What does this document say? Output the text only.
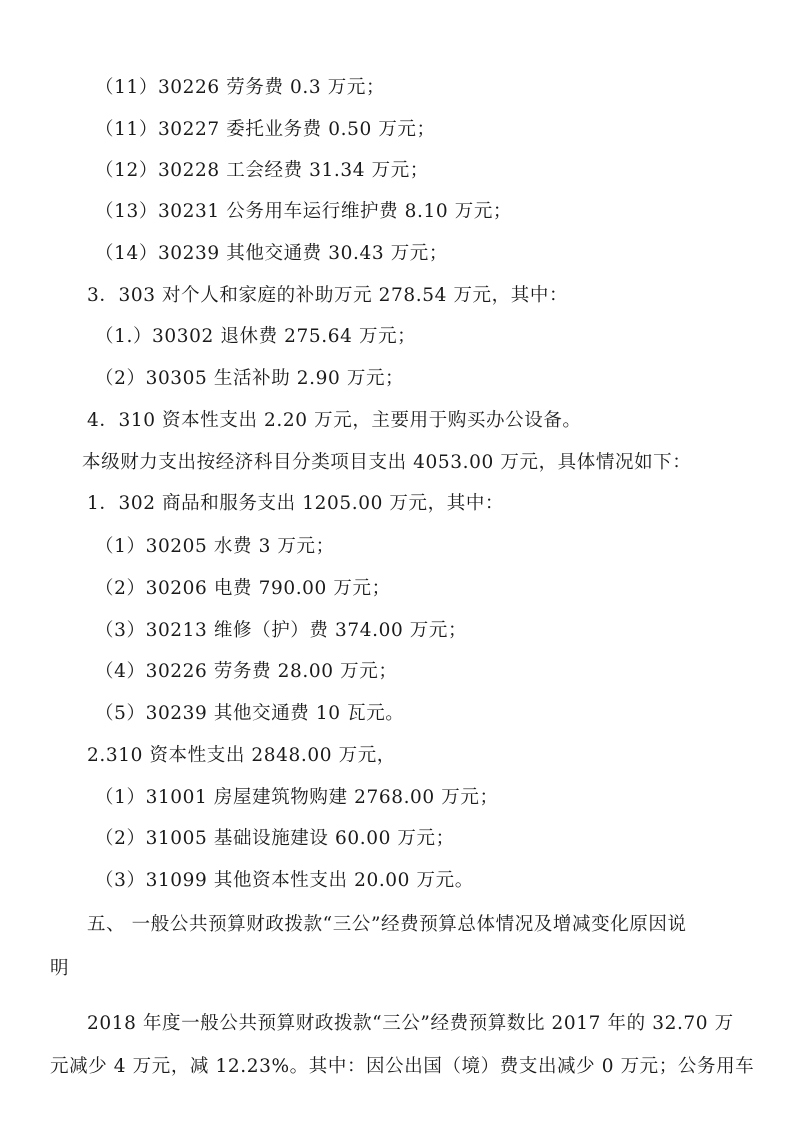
（11）30226 劳务费 0.3 万元；
（11）30227 委托业务费 0.50 万元；
（12）30228 工会经费 31.34 万元；
（13）30231 公务用车运行维护费 8.10 万元；
（14）30239 其他交通费 30.43 万元；
3．303 对个人和家庭的补助万元 278.54 万元，其中：
（1.）30302 退休费 275.64 万元；
（2）30305 生活补助 2.90 万元；
4．310 资本性支出 2.20 万元，主要用于购买办公设备。
本级财力支出按经济科目分类项目支出 4053.00 万元，具体情况如下：
1．302 商品和服务支出 1205.00 万元，其中：
（1）30205 水费 3 万元；
（2）30206 电费 790.00 万元；
（3）30213 维修（护）费 374.00 万元；
（4）30226 劳务费 28.00 万元；
（5）30239 其他交通费 10 瓦元。
2.310 资本性支出 2848.00 万元，
（1）31001 房屋建筑物购建 2768.00 万元；
（2）31005 基础设施建设 60.00 万元；
（3）31099 其他资本性支出 20.00 万元。
五、 一般公共预算财政拨款“三公”经费预算总体情况及增减变化原因说
明
2018 年度一般公共预算财政拨款“三公”经费预算数比 2017 年的 32.70 万
元减少 4 万元，减 12.23%。其中：因公出国（境）费支出减少 0 万元；公务用车
